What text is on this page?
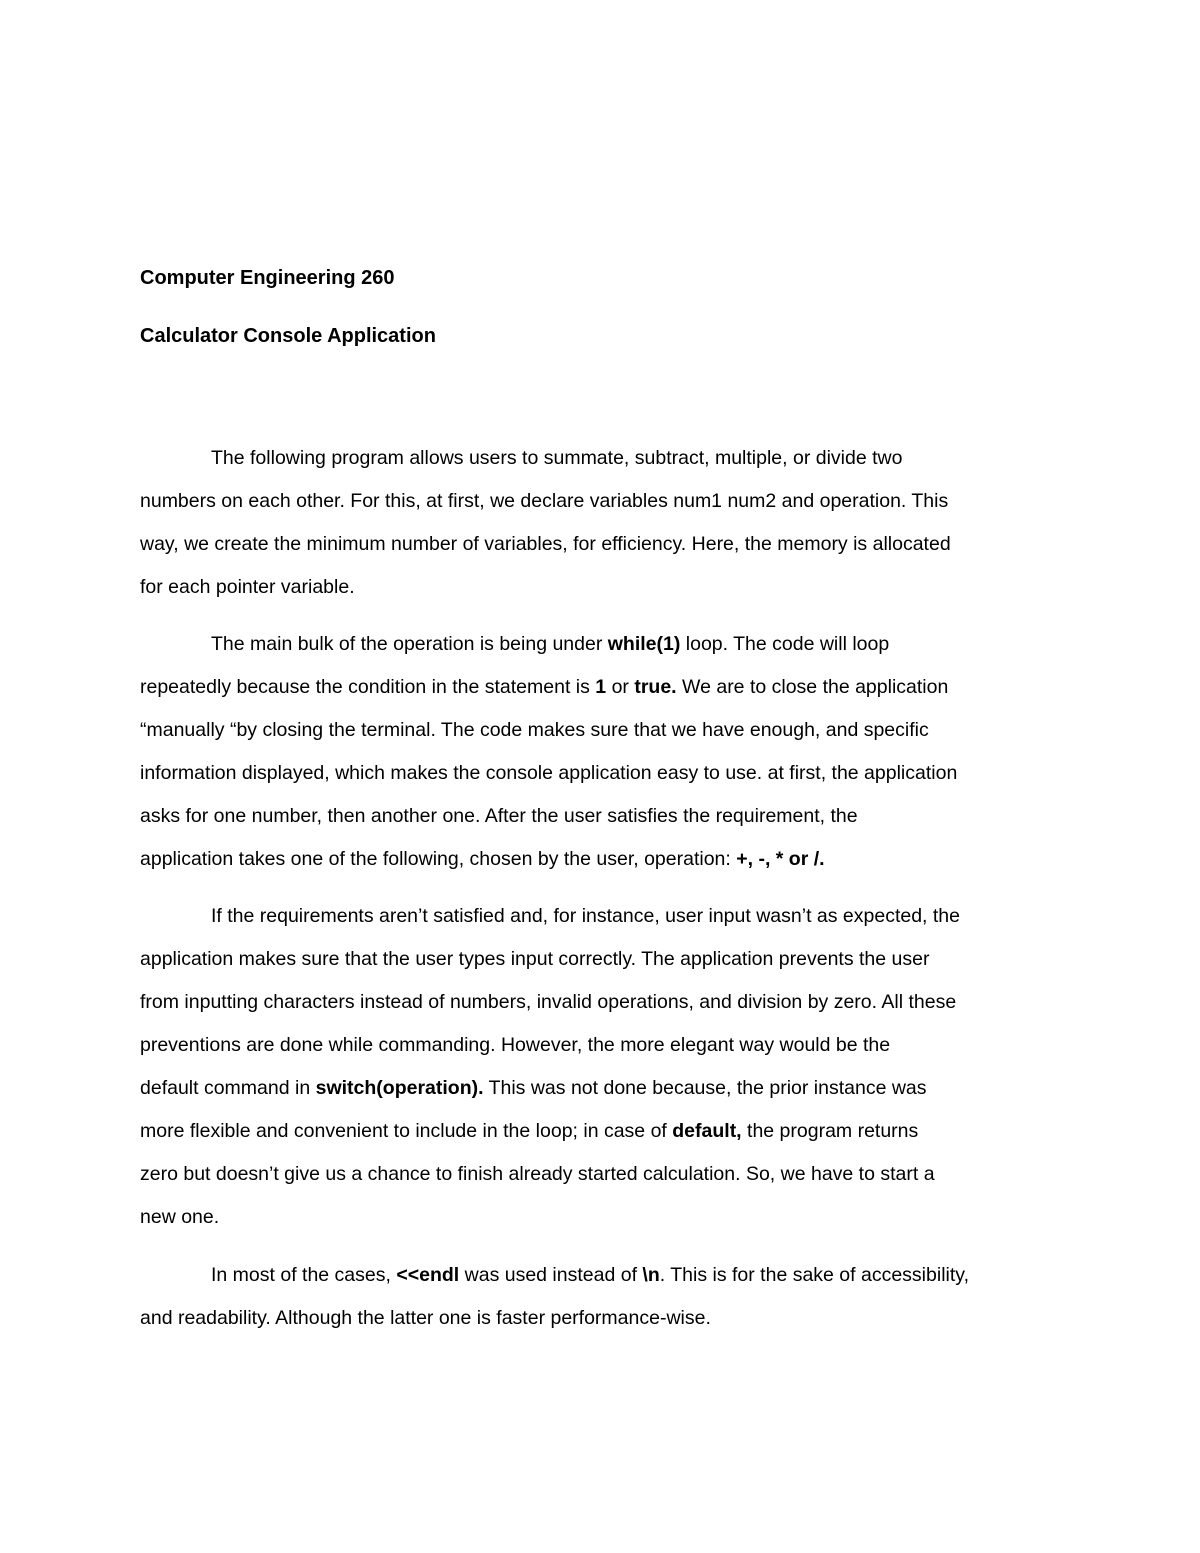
Computer Engineering 260
Calculator Console Application
The following program allows users to summate, subtract, multiple, or divide two
numbers on each other. For this, at first, we declare variables num1 num2 and operation. This
way, we create the minimum number of variables, for efficiency. Here, the memory is allocated
for each pointer variable.
The main bulk of the operation is being under while(1) loop. The code will loop
repeatedly because the condition in the statement is 1 or true. We are to close the application
“manually “by closing the terminal. The code makes sure that we have enough, and specific
information displayed, which makes the console application easy to use. at first, the application
asks for one number, then another one. After the user satisfies the requirement, the
application takes one of the following, chosen by the user, operation: +, -, * or /.
If the requirements aren’t satisfied and, for instance, user input wasn’t as expected, the
application makes sure that the user types input correctly. The application prevents the user
from inputting characters instead of numbers, invalid operations, and division by zero. All these
preventions are done while commanding. However, the more elegant way would be the
default command in switch(operation). This was not done because, the prior instance was
more flexible and convenient to include in the loop; in case of default, the program returns
zero but doesn’t give us a chance to finish already started calculation. So, we have to start a
new one.
In most of the cases, <<endl was used instead of \n. This is for the sake of accessibility,
and readability. Although the latter one is faster performance-wise.
